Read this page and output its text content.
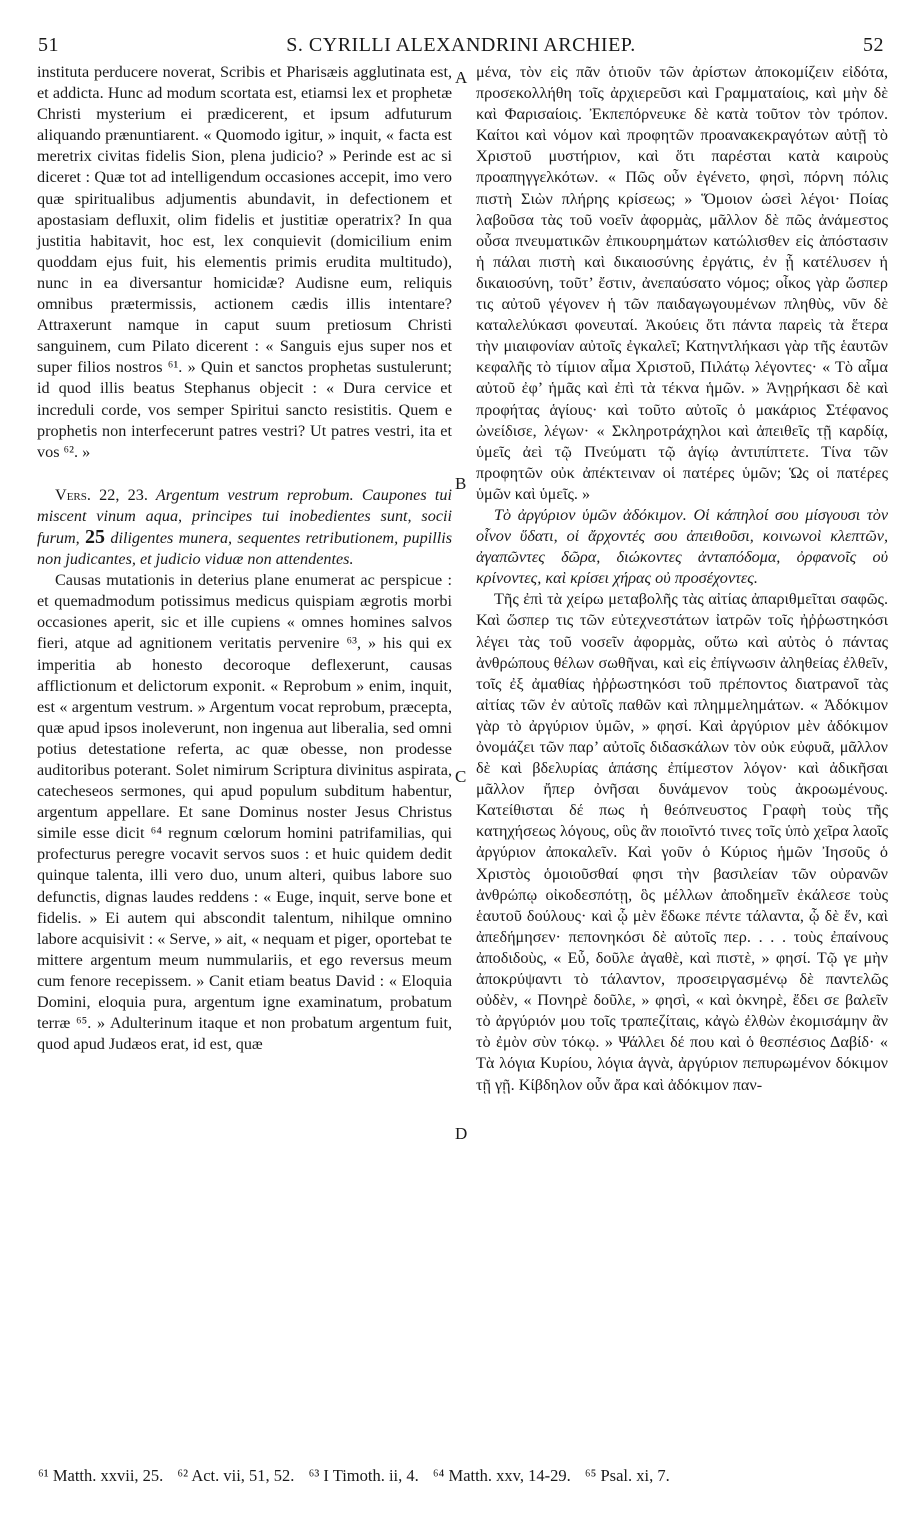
51	S. CYRILLI ALEXANDRINI ARCHIEP.	52

instituta perducere noverat, Scribis et Pharisæis agglutinata est, et addicta. Hunc ad modum scortata est, etiamsi lex et prophetæ Christi mysterium ei prædicerent, et ipsum adfuturum aliquando prænuntiarent. « Quomodo igitur, » inquit, « facta est meretrix civitas fidelis Sion, plena judicio? » Perinde est ac si diceret : Quæ tot ad intelligendum occasiones accepit, imo vero quæ spiritualibus adjumentis abundavit, in defectionem et apostasiam defluxit, olim fidelis et justitiæ operatrix? In qua justitia habitavit, hoc est, lex conquievit (domicilium enim quoddam ejus fuit, his elementis primis erudita multitudo), nunc in ea diversantur homicidæ? Audisne eum, reliquis omnibus prætermissis, actionem cædis illis intentare? Attraxerunt namque in caput suum pretiosum Christi sanguinem, cum Pilato dicerent : « Sanguis ejus super nos et super filios nostros ⁶¹. » Quin et sanctos prophetas sustulerunt; id quod illis beatus Stephanus objecit : « Dura cervice et increduli corde, vos semper Spiritui sancto resistitis. Quem e prophetis non interfecerunt patres vestri? Ut patres vestri, ita et vos ⁶². »

Vers. 22, 23. Argentum vestrum reprobum. Caupones tui miscent vinum aqua, principes tui inobedientes sunt, socii furum, 25 diligentes munera, sequentes retributionem, pupillis non judicantes, et judicio viduæ non attendentes.

Causas mutationis in deterius plane enumerat ac perspicue : et quemadmodum potissimus medicus quispiam ægrotis morbi occasiones aperit, sic et ille cupiens « omnes homines salvos fieri, atque ad agnitionem veritatis pervenire ⁶³, » his qui ex imperitia ab honesto decoroque deflexerunt, causas afflictionum et delictorum exponit. « Reprobum » enim, inquit, est « argentum vestrum. » Argentum vocat reprobum, præcepta, quæ apud ipsos inoleverunt, non ingenua aut liberalia, sed omni potius detestatione referta, ac quæ obesse, non prodesse auditoribus poterant. Solet nimirum Scriptura divinitus aspirata, catecheseos sermones, qui apud populum subditum habentur, argentum appellare. Et sane Dominus noster Jesus Christus simile esse dicit ⁶⁴ regnum cœlorum homini patrifamilias, qui profecturus peregre vocavit servos suos : et huic quidem dedit quinque talenta, illi vero duo, unum alteri, quibus labore suo defunctis, dignas laudes reddens : « Euge, inquit, serve bone et fidelis. » Ei autem qui abscondit talentum, nihilque omnino labore acquisivit : « Serve, » ait, « nequam et piger, oportebat te mittere argentum meum nummulariis, et ego reversus meum cum fenore recepissem. » Canit etiam beatus David : « Eloquia Domini, eloquia pura, argentum igne examinatum, probatum terræ ⁶⁵. » Adulterinum itaque et non probatum argentum fuit, quod apud Judæos erat, id est, quæ

A
B
C
D

μένα, τὸν εἰς πᾶν ὁτιοῦν τῶν ἀρίστων ἀποκομίζειν εἰδότα, προσεκολλήθη τοῖς ἀρχιερεῦσι καὶ Γραμματαίοις, καὶ μὴν δὲ καὶ Φαρισαίοις. Ἐκπεπόρνευκε δὲ κατὰ τοῦτον τὸν τρόπον. Καίτοι καὶ νόμον καὶ προφητῶν προανακεκραγότων αὐτῇ τὸ Χριστοῦ μυστήριον, καὶ ὅτι παρέσται κατὰ καιροὺς προαπηγγελκότων. « Πῶς οὖν ἐγένετο, φησὶ, πόρνη πόλις πιστὴ Σιὼν πλήρης κρίσεως; » Ὅμοιον ὡσεὶ λέγοι· Ποίας λαβοῦσα τὰς τοῦ νοεῖν ἀφορμὰς, μᾶλλον δὲ πῶς ἀνάμεστος οὖσα πνευματικῶν ἐπικουρημάτων κατώλισθεν εἰς ἀπόστασιν ἡ πάλαι πιστὴ καὶ δικαιοσύνης ἐργάτις, ἐν ᾗ κατέλυσεν ἡ δικαιοσύνη, τοῦτ’ ἔστιν, ἀνεπαύσατο νόμος; οἶκος γὰρ ὥσπερ τις αὐτοῦ γέγονεν ἡ τῶν παιδαγωγουμένων πληθὺς, νῦν δὲ καταλελύκασι φονευταί. Ἀκούεις ὅτι πάντα παρεὶς τὰ ἕτερα τὴν μιαιφονίαν αὐτοῖς ἐγκαλεῖ; Κατηντλήκασι γὰρ τῆς ἑαυτῶν κεφαλῆς τὸ τίμιον αἷμα Χριστοῦ, Πιλάτῳ λέγοντες· « Τὸ αἷμα αὐτοῦ ἐφ’ ἡμᾶς καὶ ἐπὶ τὰ τέκνα ἡμῶν. » Ἀνῃρήκασι δὲ καὶ προφήτας ἁγίους· καὶ τοῦτο αὐτοῖς ὁ μακάριος Στέφανος ὠνείδισε, λέγων· « Σκληροτράχηλοι καὶ ἀπειθεῖς τῇ καρδίᾳ, ὑμεῖς ἀεὶ τῷ Πνεύματι τῷ ἁγίῳ ἀντιπίπτετε. Τίνα τῶν προφητῶν οὐκ ἀπέκτειναν οἱ πατέρες ὑμῶν; Ὡς οἱ πατέρες ὑμῶν καὶ ὑμεῖς. »

Τὸ ἀργύριον ὑμῶν ἀδόκιμον. Οἱ κάπηλοί σου μίσγουσι τὸν οἶνον ὕδατι, οἱ ἄρχοντές σου ἀπειθοῦσι, κοινωνοὶ κλεπτῶν, ἀγαπῶντες δῶρα, διώκοντες ἀνταπόδομα, ὀρφανοῖς οὐ κρίνοντες, καὶ κρίσει χήρας οὐ προσέχοντες.

Τῆς ἐπὶ τὰ χείρω μεταβολῆς τὰς αἰτίας ἀπαριθμεῖται σαφῶς. Καὶ ὥσπερ τις τῶν εὐτεχνεστάτων ἰατρῶν τοῖς ἠῤῥωστηκόσι λέγει τὰς τοῦ νοσεῖν ἀφορμὰς, οὕτω καὶ αὐτὸς ὁ πάντας ἀνθρώπους θέλων σωθῆναι, καὶ εἰς ἐπίγνωσιν ἀληθείας ἐλθεῖν, τοῖς ἐξ ἀμαθίας ἠῤῥωστηκόσι τοῦ πρέποντος διατρανοῖ τὰς αἰτίας τῶν ἐν αὐτοῖς παθῶν καὶ πλημμελημάτων. « Ἀδόκιμον γὰρ τὸ ἀργύριον ὑμῶν, » φησί. Καὶ ἀργύριον μὲν ἀδόκιμον ὀνομάζει τῶν παρ’ αὐτοῖς διδασκάλων τὸν οὐκ εὐφυᾶ, μᾶλλον δὲ καὶ βδελυρίας ἁπάσης ἐπίμεστον λόγον· καὶ ἀδικῆσαι μᾶλλον ἤπερ ὀνῆσαι δυνάμενον τοὺς ἀκροωμένους. Κατείθισται δέ πως ἡ θεόπνευστος Γραφὴ τοὺς τῆς κατηχήσεως λόγους, οὓς ἂν ποιοῖντό τινες τοῖς ὑπὸ χεῖρα λαοῖς ἀργύριον ἀποκαλεῖν. Καὶ γοῦν ὁ Κύριος ἡμῶν Ἰησοῦς ὁ Χριστὸς ὁμοιοῦσθαί φησι τὴν βασιλείαν τῶν οὐρανῶν ἀνθρώπῳ οἰκοδεσπότῃ, ὃς μέλλων ἀποδημεῖν ἐκάλεσε τοὺς ἑαυτοῦ δούλους· καὶ ᾧ μὲν ἔδωκε πέντε τάλαντα, ᾧ δὲ ἕν, καὶ ἀπεδήμησεν· πεπονηκόσι δὲ αὐτοῖς περ. . . . τοὺς ἐπαίνους ἀποδιδοὺς, « Εὖ, δοῦλε ἀγαθὲ, καὶ πιστὲ, » φησί. Τῷ γε μὴν ἀποκρύψαντι τὸ τάλαντον, προσειργασμένῳ δὲ παντελῶς οὐδὲν, « Πονηρὲ δοῦλε, » φησὶ, « καὶ ὀκνηρὲ, ἔδει σε βαλεῖν τὸ ἀργύριόν μου τοῖς τραπεζίταις, κἀγὼ ἐλθὼν ἐκομισάμην ἂν τὸ ἐμὸν σὺν τόκῳ. » Ψάλλει δέ που καὶ ὁ θεσπέσιος Δαβίδ· « Τὰ λόγια Κυρίου, λόγια ἁγνὰ, ἀργύριον πεπυρωμένον δόκιμον τῇ γῇ. Κίβδηλον οὖν ἄρα καὶ ἀδόκιμον παν-

⁶¹ Matth. xxvii, 25. ⁶² Act. vii, 51, 52. ⁶³ I Timoth. ii, 4. ⁶⁴ Matth. xxv, 14-29. ⁶⁵ Psal. xi, 7.
